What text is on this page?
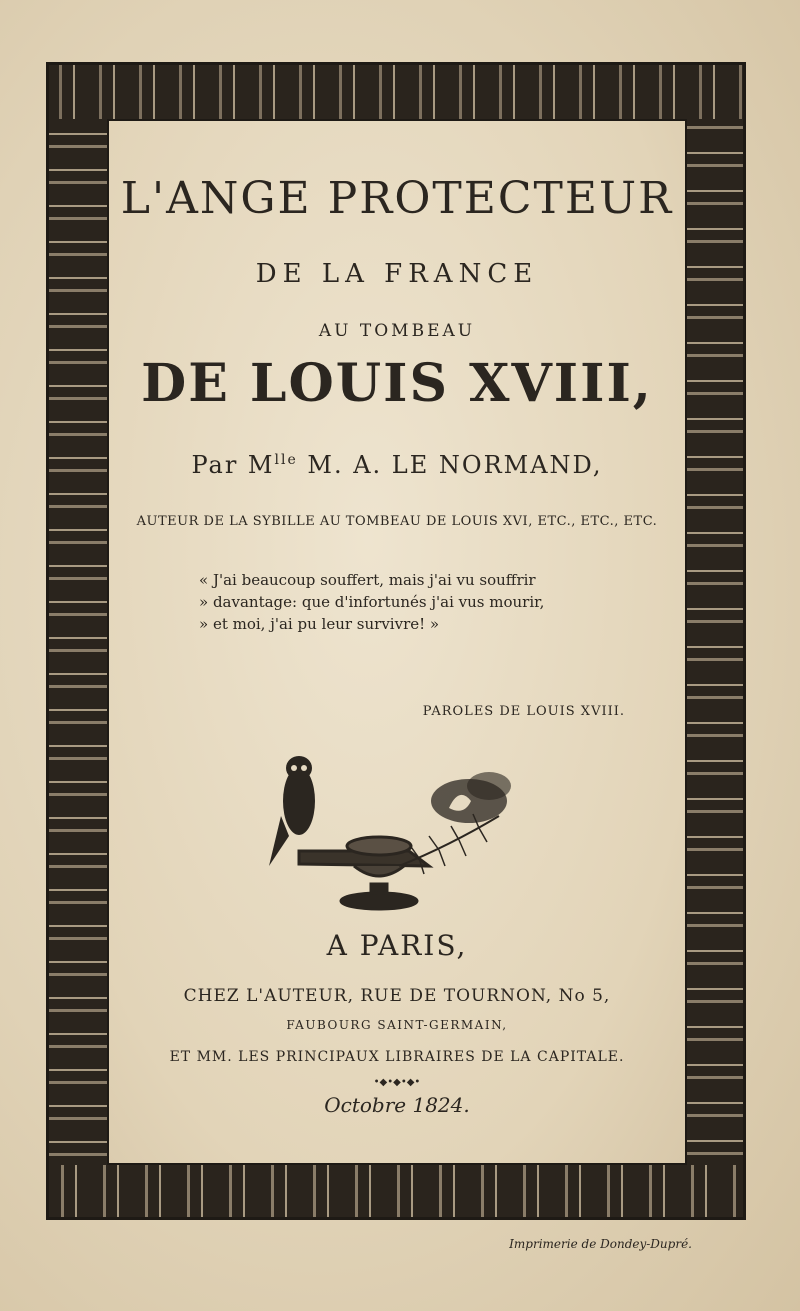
L'ANGE PROTECTEUR
DE LA FRANCE
AU TOMBEAU
DE LOUIS XVIII,
Par $M^{lle}$ M. A. LE NORMAND,
AUTEUR DE LA SYBILLE AU TOMBEAU DE LOUIS XVI, ETC., ETC., ETC.
« J'ai beaucoup souffert, mais j'ai vu souffrir
» davantage: que d'infortunés j'ai vus mourir,
» et moi, j'ai pu leur survivre! »
PAROLES DE LOUIS XVIII.
A PARIS,
CHEZ L'AUTEUR, RUE DE TOURNON, No 5,
FAUBOURG SAINT-GERMAIN,
ET MM. LES PRINCIPAUX LIBRAIRES DE LA CAPITALE.
•◆•◆•◆•
Octobre 1824.
Imprimerie de Dondey-Dupré.
